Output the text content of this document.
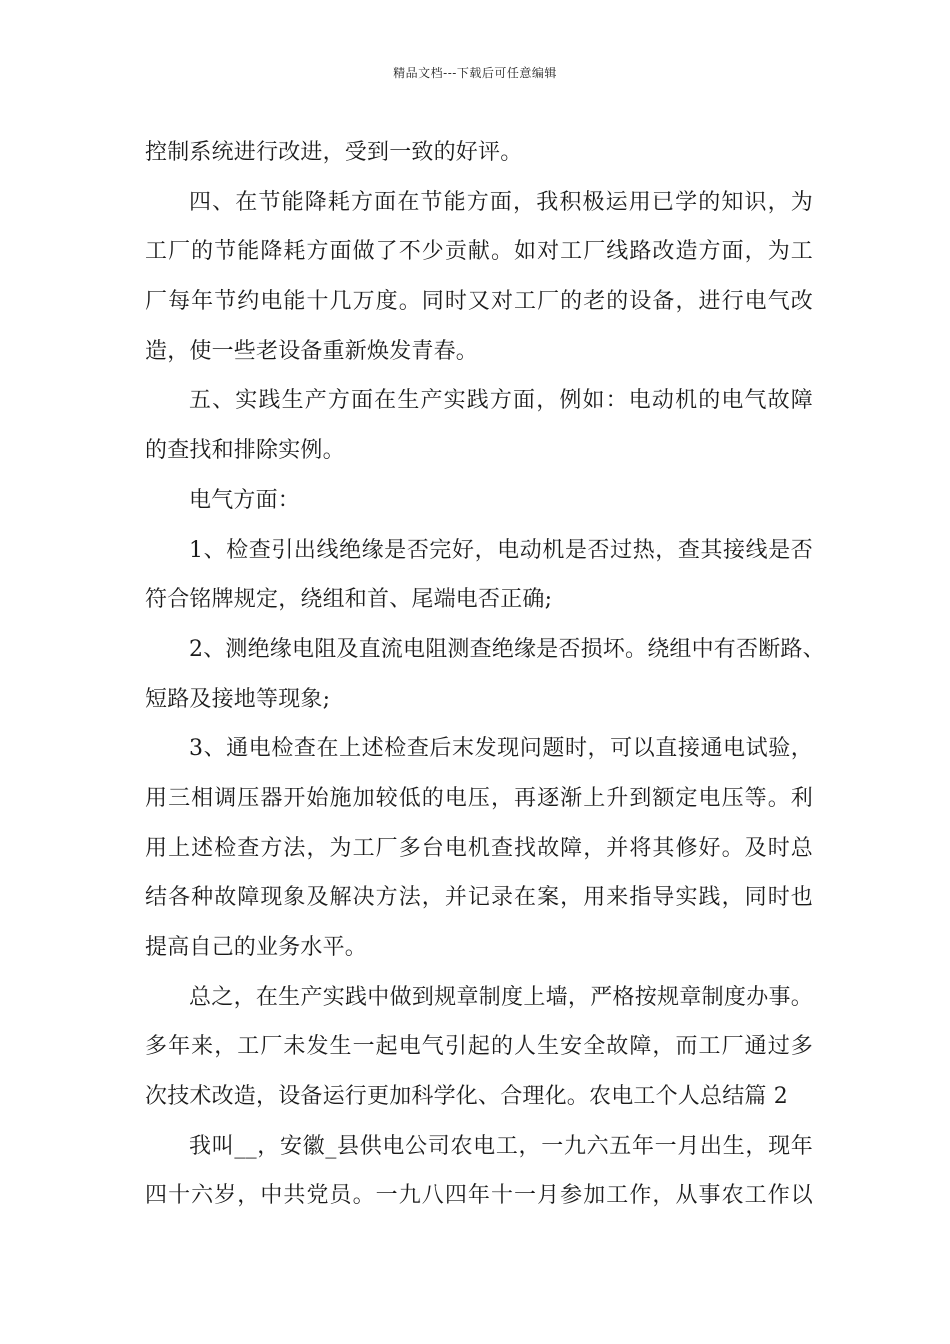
精品文档---下载后可任意编辑
控制系统进行改进，受到一致的好评。
四、在节能降耗方面在节能方面，我积极运用已学的知识，为
工厂的节能降耗方面做了不少贡献。如对工厂线路改造方面，为工
厂每年节约电能十几万度。同时又对工厂的老的设备，进行电气改
造，使一些老设备重新焕发青春。
五、实践生产方面在生产实践方面，例如：电动机的电气故障
的查找和排除实例。
电气方面：
1、检查引出线绝缘是否完好，电动机是否过热，查其接线是否
符合铭牌规定，绕组和首、尾端电否正确;
2、测绝缘电阻及直流电阻测查绝缘是否损坏。绕组中有否断路、
短路及接地等现象;
3、通电检查在上述检查后末发现问题时，可以直接通电试验，
用三相调压器开始施加较低的电压，再逐渐上升到额定电压等。利
用上述检查方法，为工厂多台电机查找故障，并将其修好。及时总
结各种故障现象及解决方法，并记录在案，用来指导实践，同时也
提高自己的业务水平。
总之，在生产实践中做到规章制度上墙，严格按规章制度办事。
多年来，工厂未发生一起电气引起的人生安全故障，而工厂通过多
次技术改造，设备运行更加科学化、合理化。农电工个人总结篇 2
我叫__，安徽_县供电公司农电工，一九六五年一月出生，现年
四十六岁，中共党员。一九八四年十一月参加工作，从事农工作以
